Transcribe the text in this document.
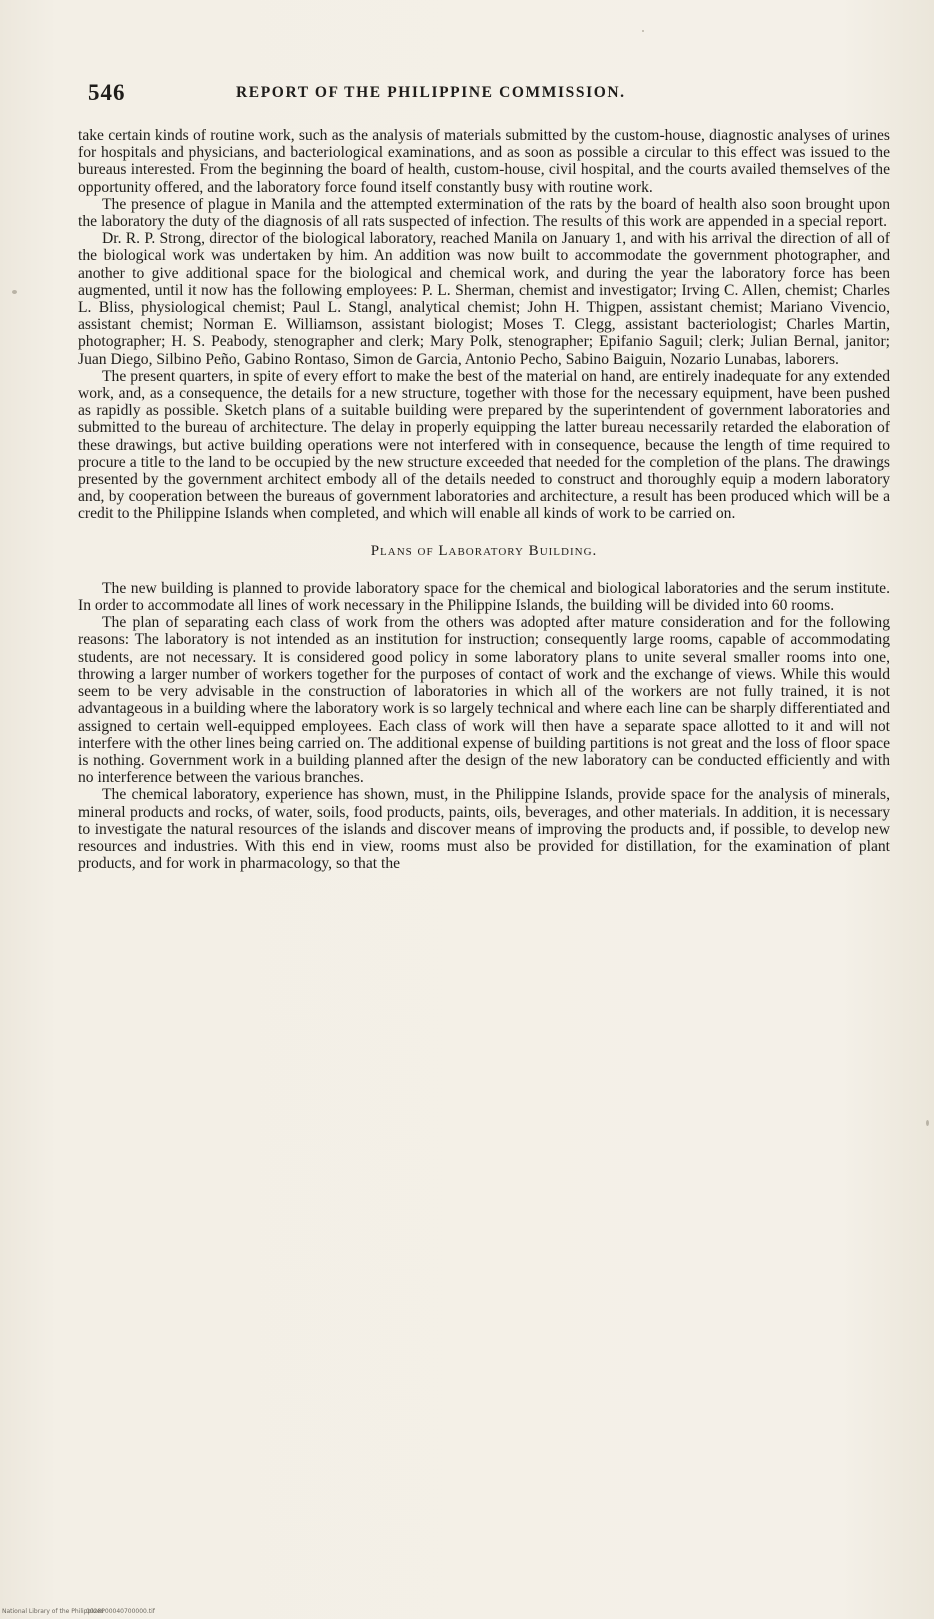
546	REPORT OF THE PHILIPPINE COMMISSION.

take certain kinds of routine work, such as the analysis of materials submitted by the custom-house, diagnostic analyses of urines for hospitals and physicians, and bacteriological examinations, and as soon as possible a circular to this effect was issued to the bureaus interested. From the beginning the board of health, custom-house, civil hospital, and the courts availed themselves of the opportunity offered, and the laboratory force found itself constantly busy with routine work.

The presence of plague in Manila and the attempted extermination of the rats by the board of health also soon brought upon the laboratory the duty of the diagnosis of all rats suspected of infection. The results of this work are appended in a special report.

Dr. R. P. Strong, director of the biological laboratory, reached Manila on January 1, and with his arrival the direction of all of the biological work was undertaken by him. An addition was now built to accommodate the government photographer, and another to give additional space for the biological and chemical work, and during the year the laboratory force has been augmented, until it now has the following employees: P. L. Sherman, chemist and investigator; Irving C. Allen, chemist; Charles L. Bliss, physiological chemist; Paul L. Stangl, analytical chemist; John H. Thigpen, assistant chemist; Mariano Vivencio, assistant chemist; Norman E. Williamson, assistant biologist; Moses T. Clegg, assistant bacteriologist; Charles Martin, photographer; H. S. Peabody, stenographer and clerk; Mary Polk, stenographer; Epifanio Saguil; clerk; Julian Bernal, janitor; Juan Diego, Silbino Peño, Gabino Rontaso, Simon de Garcia, Antonio Pecho, Sabino Baiguin, Nozario Lunabas, laborers.

The present quarters, in spite of every effort to make the best of the material on hand, are entirely inadequate for any extended work, and, as a consequence, the details for a new structure, together with those for the necessary equipment, have been pushed as rapidly as possible. Sketch plans of a suitable building were prepared by the superintendent of government laboratories and submitted to the bureau of architecture. The delay in properly equipping the latter bureau necessarily retarded the elaboration of these drawings, but active building operations were not interfered with in consequence, because the length of time required to procure a title to the land to be occupied by the new structure exceeded that needed for the completion of the plans. The drawings presented by the government architect embody all of the details needed to construct and thoroughly equip a modern laboratory and, by cooperation between the bureaus of government laboratories and architecture, a result has been produced which will be a credit to the Philippine Islands when completed, and which will enable all kinds of work to be carried on.

Plans of Laboratory Building.

The new building is planned to provide laboratory space for the chemical and biological laboratories and the serum institute. In order to accommodate all lines of work necessary in the Philippine Islands, the building will be divided into 60 rooms.

The plan of separating each class of work from the others was adopted after mature consideration and for the following reasons: The laboratory is not intended as an institution for instruction; consequently large rooms, capable of accommodating students, are not necessary. It is considered good policy in some laboratory plans to unite several smaller rooms into one, throwing a larger number of workers together for the purposes of contact of work and the exchange of views. While this would seem to be very advisable in the construction of laboratories in which all of the workers are not fully trained, it is not advantageous in a building where the laboratory work is so largely technical and where each line can be sharply differentiated and assigned to certain well-equipped employees. Each class of work will then have a separate space allotted to it and will not interfere with the other lines being carried on. The additional expense of building partitions is not great and the loss of floor space is nothing. Government work in a building planned after the design of the new laboratory can be conducted efficiently and with no interference between the various branches.

The chemical laboratory, experience has shown, must, in the Philippine Islands, provide space for the analysis of minerals, mineral products and rocks, of water, soils, food products, paints, oils, beverages, and other materials. In addition, it is necessary to investigate the natural resources of the islands and discover means of improving the products and, if possible, to develop new resources and industries. With this end in view, rooms must also be provided for distillation, for the examination of plant products, and for work in pharmacology, so that the

National Library of the Philippines
0028P00040700000.tif
